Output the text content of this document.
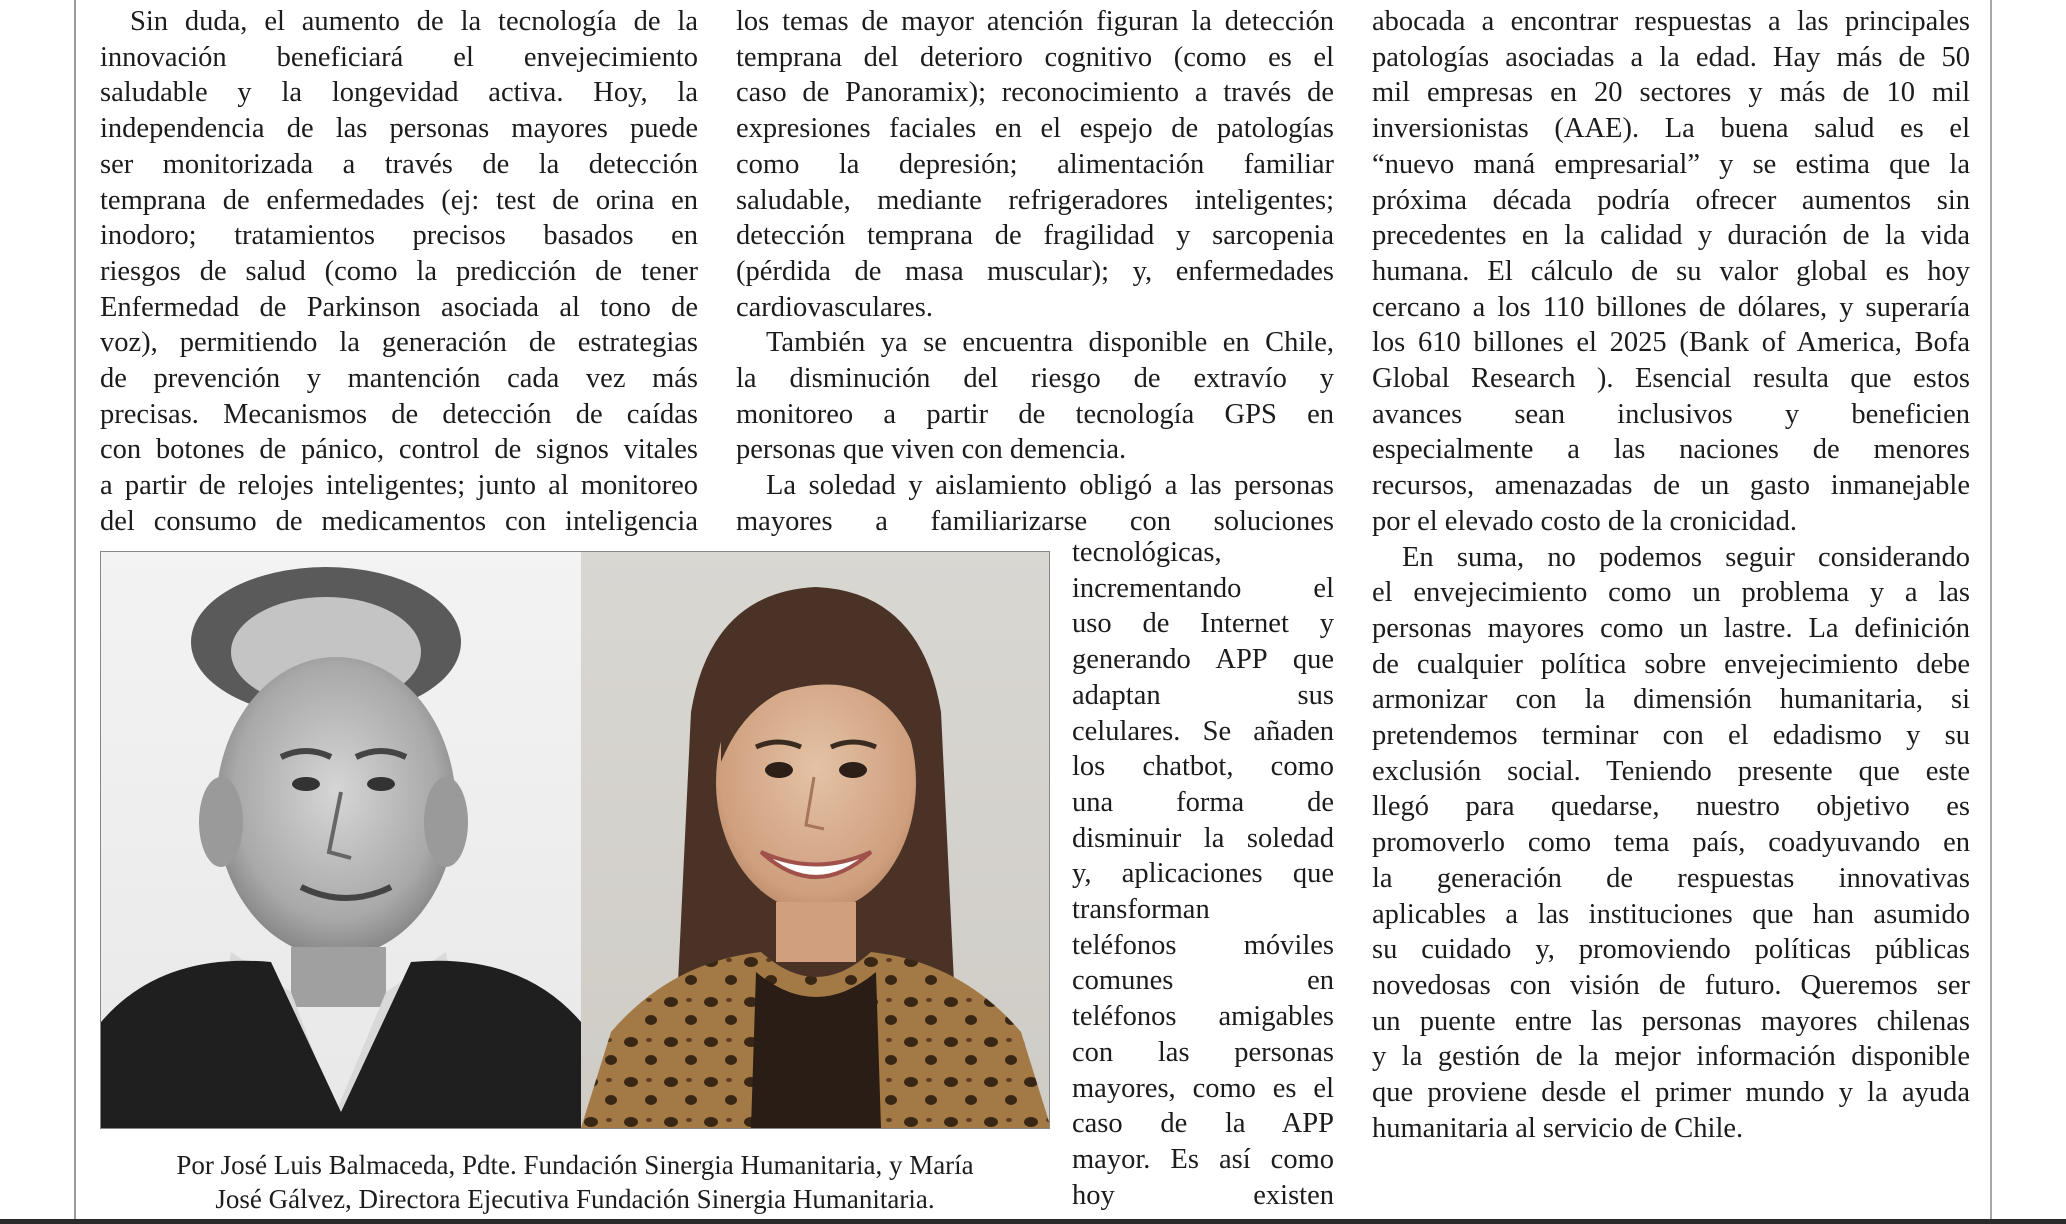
Sin duda, el aumento de la tecnología de la

innovación beneficiará el envejecimiento

saludable y la longevidad activa. Hoy, la

independencia de las personas mayores puede

ser monitorizada a través de la detección

temprana de enfermedades (ej: test de orina en

inodoro; tratamientos precisos basados en

riesgos de salud (como la predicción de tener

Enfermedad de Parkinson asociada al tono de

voz), permitiendo la generación de estrategias

de prevención y mantención cada vez más

precisas. Mecanismos de detección de caídas

con botones de pánico, control de signos vitales

a partir de relojes inteligentes; junto al monitoreo

del consumo de medicamentos con inteligencia

los temas de mayor atención figuran la detección

temprana del deterioro cognitivo (como es el

caso de Panoramix); reconocimiento a través de

expresiones faciales en el espejo de patologías

como la depresión; alimentación familiar

saludable, mediante refrigeradores inteligentes;

detección temprana de fragilidad y sarcopenia

(pérdida de masa muscular); y, enfermedades

cardiovasculares.

También ya se encuentra disponible en Chile,

la disminución del riesgo de extravío y

monitoreo a partir de tecnología GPS en

personas que viven con demencia.

La soledad y aislamiento obligó a las personas

mayores a familiarizarse con soluciones

tecnológicas,

incrementando el

uso de Internet y

generando APP que

adaptan sus

celulares. Se añaden

los chatbot, como

una forma de

disminuir la soledad

y, aplicaciones que

transforman

teléfonos móviles

comunes en

teléfonos amigables

con las personas

mayores, como es el

caso de la APP

mayor. Es así como

hoy existen

abocada a encontrar respuestas a las principales

patologías asociadas a la edad. Hay más de 50

mil empresas en 20 sectores y más de 10 mil

inversionistas (AAE). La buena salud es el

“nuevo maná empresarial” y se estima que la

próxima década podría ofrecer aumentos sin

precedentes en la calidad y duración de la vida

humana. El cálculo de su valor global es hoy

cercano a los 110 billones de dólares, y superaría

los 610 billones el 2025 (Bank of America, Bofa

Global Research ). Esencial resulta que estos

avances sean inclusivos y beneficien

especialmente a las naciones de menores

recursos, amenazadas de un gasto inmanejable

por el elevado costo de la cronicidad.

En suma, no podemos seguir considerando

el envejecimiento como un problema y a las

personas mayores como un lastre. La definición

de cualquier política sobre envejecimiento debe

armonizar con la dimensión humanitaria, si

pretendemos terminar con el edadismo y su

exclusión social. Teniendo presente que este

llegó para quedarse, nuestro objetivo es

promoverlo como tema país, coadyuvando en

la generación de respuestas innovativas

aplicables a las instituciones que han asumido

su cuidado y, promoviendo políticas públicas

novedosas con visión de futuro. Queremos ser

un puente entre las personas mayores chilenas

y la gestión de la mejor información disponible

que proviene desde el primer mundo y la ayuda

humanitaria al servicio de Chile.

Por José Luis Balmaceda, Pdte. Fundación Sinergia Humanitaria, y María
José Gálvez, Directora Ejecutiva Fundación Sinergia Humanitaria.
